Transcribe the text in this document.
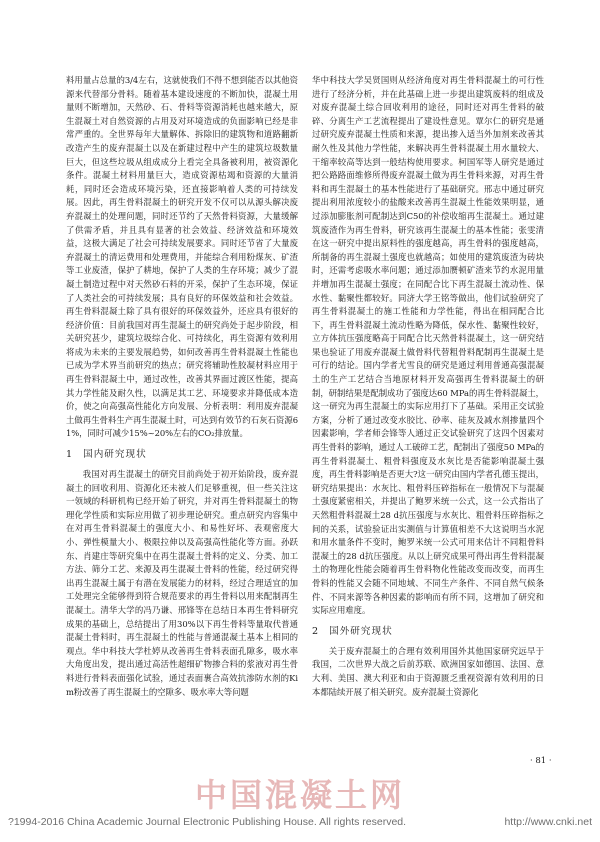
料用量占总量的3/4左右，这就使我们不得不想到能否以其他资源来代替部分骨料。随着基本建设速度的不断加快，混凝土用量则不断增加，天然砂、石、骨料等资源消耗也越来越大，原生混凝土对自然资源的占用及对环境造成的负面影响已经是非常严重的。全世界每年大量解体、拆除旧的建筑物和道路翻新改造产生的废弃混凝土以及在新建过程中产生的建筑垃圾数量巨大，但这些垃圾从组成成分上看完全具备被利用，被资源化条件。混凝土材料用量巨大，造成资源枯竭和资源的大量消耗，同时还会造成环境污染，还直接影响着人类的可持续发展。因此，再生骨料混凝土的研究开发不仅可以从源头解决废弃混凝土的处理问题，同时还节约了天然骨料资源，大量缓解了供需矛盾，并且具有显著的社会效益、经济效益和环境效益，这极大满足了社会可持续发展要求。同时还节省了大量废弃混凝土的清运费用和处理费用，并能综合利用粉煤灰、矿渣等工业废渣，保护了耕地，保护了人类的生存环境；减少了混凝土制造过程中对天然砂石料的开采，保护了生态环境，保证了人类社会的可持续发展；具有良好的环保效益和社会效益。再生骨料混凝土除了具有很好的环保效益外，还应具有很好的经济价值：目前我国对再生混凝土的研究尚处于起步阶段，相关研究甚少，建筑垃圾综合化、可持续化，再生资源有效利用将成为未来的主要发展趋势，如何改善再生骨料混凝土性能也已成为学术界当前研究的热点；研究将辅助性胶凝材料应用于再生骨料混凝土中，通过改性，改善其界面过渡区性能，提高其力学性能及耐久性，以满足其工艺、环境要求并降低成本造价，使之向高强高性能化方向发展、分析表明：利用废弃混凝土做再生骨料生产再生混凝土时，可达到有效节约石灰石资源61%，同时可减少15%~20%左右的CO₂排放量。

1 国内研究现状

我国对再生混凝土的研究目前尚处于初开始阶段，废弃混凝土的回收利用、资源化还未被人们足够重视，但一些关注这一领域的科研机构已经开始了研究，并对再生骨料混凝土的物理化学性质和实际应用做了初步理论研究。重点研究内容集中在对再生骨料混凝土的强度大小、和易性好坏、表观密度大小、弹性模量大小、极限拉伸以及高强高性能化等方面。孙跃东、肖建庄等研究集中在再生混凝土骨料的定义、分类、加工方法、筛分工艺、来源及再生混凝土骨料的性能，经过研究得出再生混凝土属于有潜在发展能力的材料，经过合理适宜的加工处理完全能够得到符合规范要求的再生骨料以用来配制再生混凝土。清华大学的冯乃谦、邢锋等在总结日本再生骨料研究成果的基础上，总结提出了用30%以下再生骨料等量取代普通混凝土骨料时，再生混凝土的性能与普通混凝土基本上相同的观点。华中科技大学杜婷从改善再生骨料表面孔隙多，吸水率大角度出发，提出通过高活性超细矿物掺合料的浆液对再生骨料进行骨料表面强化试验，通过表面裹合高效抗渗防水剂的Kim粉改善了再生混凝土的空隙多、吸水率大等问题

华中科技大学吴贤国则从经济角度对再生骨料混凝土的可行性进行了经济分析，并在此基础上进一步提出建筑废料的组成及对废弃混凝土综合回收利用的途径，同时还对再生骨料的破碎、分离生产工艺流程提出了建设性意见。覃尔仁的研究是通过研究废弃混凝土性质和来源，提出掺入适当外加剂来改善其耐久性及其他力学性能，来解决再生骨料混凝土用水量较大、干缩率较高等达到一般结构使用要求。柯国军等人研究是通过把公路路面维修所得废弃混凝土做为再生骨料来源，对再生骨料和再生混凝土的基本性能进行了基础研究。邢志中通过研究提出利用浓度较小的盐酸来改善再生混凝土性能效果明显，通过添加膨胀剂可配制达到C50的补偿收缩再生混凝土。通过建筑废渣作为再生骨料，研究该再生混凝土的基本性能；张雯清在这一研究中提出原料性的强度越高，再生骨料的强度越高，所制备的再生混凝土强度也就越高；如使用的建筑废渣为砖块时，还需考虑吸水率问题；通过添加赝顿矿渣来节约水泥用量并增加再生混凝土强度；在同配合比下再生混凝土流动性、保水性、黏聚性都较好。同济大学王铭等做出，他们试验研究了再生骨料混凝土的施工性能和力学性能，得出在相同配合比下，再生骨料混凝土流动性略为降低，保水性、黏聚性较好，立方体抗压强度略高于同配合比天然骨料混凝土，这一研究结果也验证了用废弃混凝土做骨料代替粗骨料配制再生混凝土是可行的结论。国内学者尤雪良的研究是通过利用普通高强混凝土的生产工艺结合当地原材料开发高强再生骨料混凝土的研制，研制结果是配制成功了强度达60 MPa的再生骨料混凝土，这一研究为再生混凝土的实际应用打下了基础。采用正交试验方案，分析了通过改变水胶比、砂率、硅灰及减水剂掺量四个因素影响，学者师会锋等人通过正交试验研究了这四个因素对再生骨料的影响，通过人工破碎工艺，配制出了强度50 MPa的再生骨料混凝土、粗骨料强度及水灰比是否能影响混凝土强度，再生骨料影响是否更大?这一研究由国内学者孔德玉提出，研究结果提出：水灰比、粗骨料压碎指标在一般情况下与混凝土强度紧密相关，并提出了鲍罗米统一公式，这一公式指出了天然粗骨料混凝土28 d抗压强度与水灰比、粗骨料压碎指标之间的关系，试验验证出实测值与计算值相差不大这说明当水泥和用水量条件不变时，鲍罗米统一公式可用来估计不同粗骨料混凝土的28 d抗压强度。从以上研究成果可得出再生骨料混凝土的物理化性能会随着再生骨料物化性能改变而改变，而再生骨料的性能又会随不同地域、不同生产条件、不同自然气候条件、不同来源等各种因素的影响而有所不同，这增加了研究和实际应用难度。

2 国外研究现状

关于废弃混凝土的合理有效利用国外其他国家研究远早于我国，二次世界大战之后前苏联、欧洲国家如德国、法国、意大利、美国、澳大利亚和由于资源匮乏重视资源有效利用的日本都陆续开展了相关研究。废弃混凝土资源化

· 81 ·
中国混凝土网
?1994-2016 China Academic Journal Electronic Publishing House. All rights reserved.	http://www.cnki.net
